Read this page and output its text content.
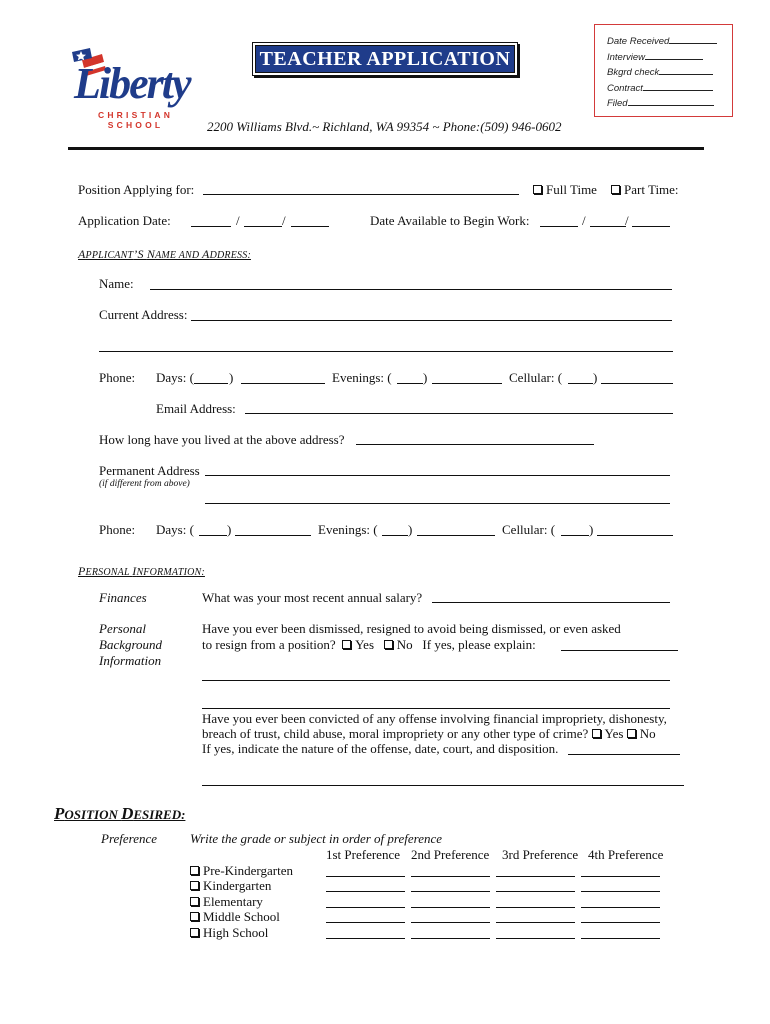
Date Received
Interview
Bkgrd check
Contract
Filed
Liberty
CHRISTIAN
SCHOOL
TEACHER APPLICATION
2200 Williams Blvd.~ Richland, WA 99354 ~ Phone:(509) 946-0602
Position Applying for:	Full Time	Part Time:
Application Date:	/	/	Date Available to Begin Work:	/	/
APPLICANT’S NAME AND ADDRESS:
Name:
Current Address:
Phone: Days: (	)	Evenings: ( )	Cellular: ( )
Email Address:
How long have you lived at the above address?
Permanent Address
(if different from above)
Phone: Days: (	)	Evenings: ( )	Cellular: (	)
PERSONAL INFORMATION:
Finances	What was your most recent annual salary?
Personal
Background
Information
Have you ever been dismissed, resigned to avoid being dismissed, or even asked
to resign from a position? Yes No If yes, please explain:
Have you ever been convicted of any offense involving financial impropriety, dishonesty,
breach of trust, child abuse, moral impropriety or any other type of crime? Yes No
If yes, indicate the nature of the offense, date, court, and disposition.
POSITION DESIRED:
Preference	Write the grade or subject in order of preference
1st Preference 2nd Preference 3rd Preference 4th Preference
Pre-Kindergarten
Kindergarten
Elementary
Middle School
High School
